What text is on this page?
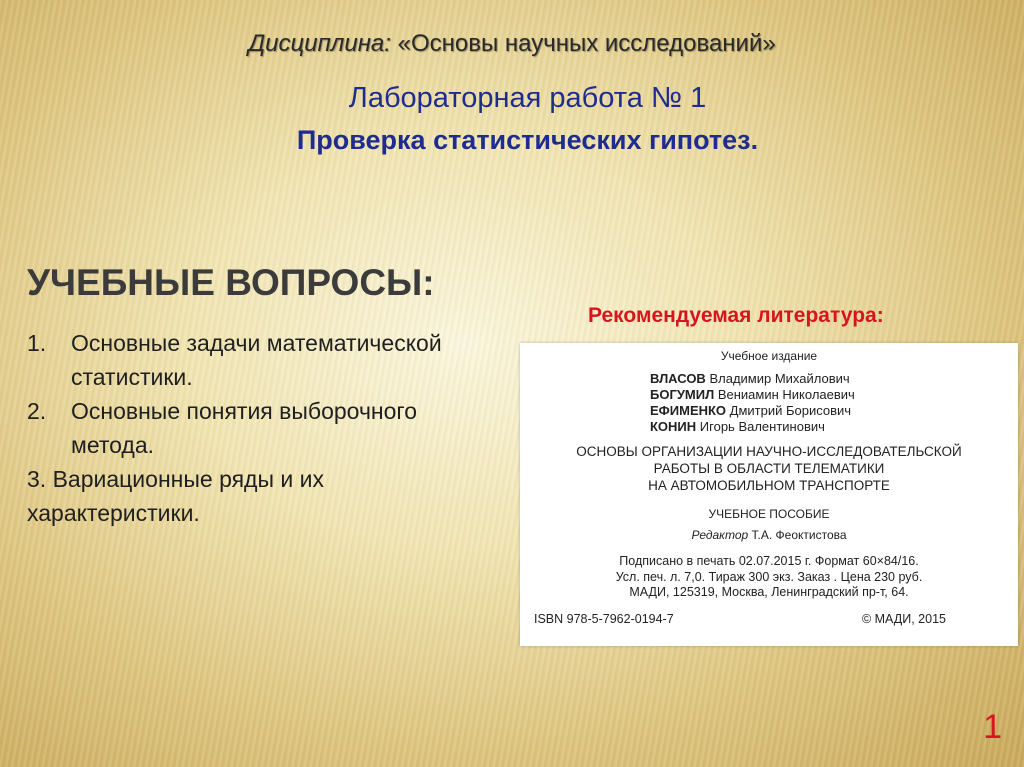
Дисциплина: «Основы научных исследований»
Лабораторная работа № 1
Проверка статистических гипотез.
УЧЕБНЫЕ ВОПРОСЫ:
1.	Основные задачи математической статистики.
2.	Основные понятия выборочного метода.
3. Вариационные ряды и их характеристики.
Рекомендуемая литература:
Учебное издание
ВЛАСОВ Владимир Михайлович
БОГУМИЛ Вениамин Николаевич
ЕФИМЕНКО Дмитрий Борисович
КОНИН Игорь Валентинович
ОСНОВЫ ОРГАНИЗАЦИИ НАУЧНО-ИССЛЕДОВАТЕЛЬСКОЙ
РАБОТЫ В ОБЛАСТИ ТЕЛЕМАТИКИ
НА АВТОМОБИЛЬНОМ ТРАНСПОРТЕ
УЧЕБНОЕ ПОСОБИЕ
Редактор Т.А. Феоктистова
Подписано в печать 02.07.2015 г. Формат 60×84/16.
Усл. печ. л. 7,0. Тираж 300 экз. Заказ . Цена 230 руб.
МАДИ, 125319, Москва, Ленинградский пр-т, 64.
ISBN 978-5-7962-0194-7	© МАДИ, 2015
1
